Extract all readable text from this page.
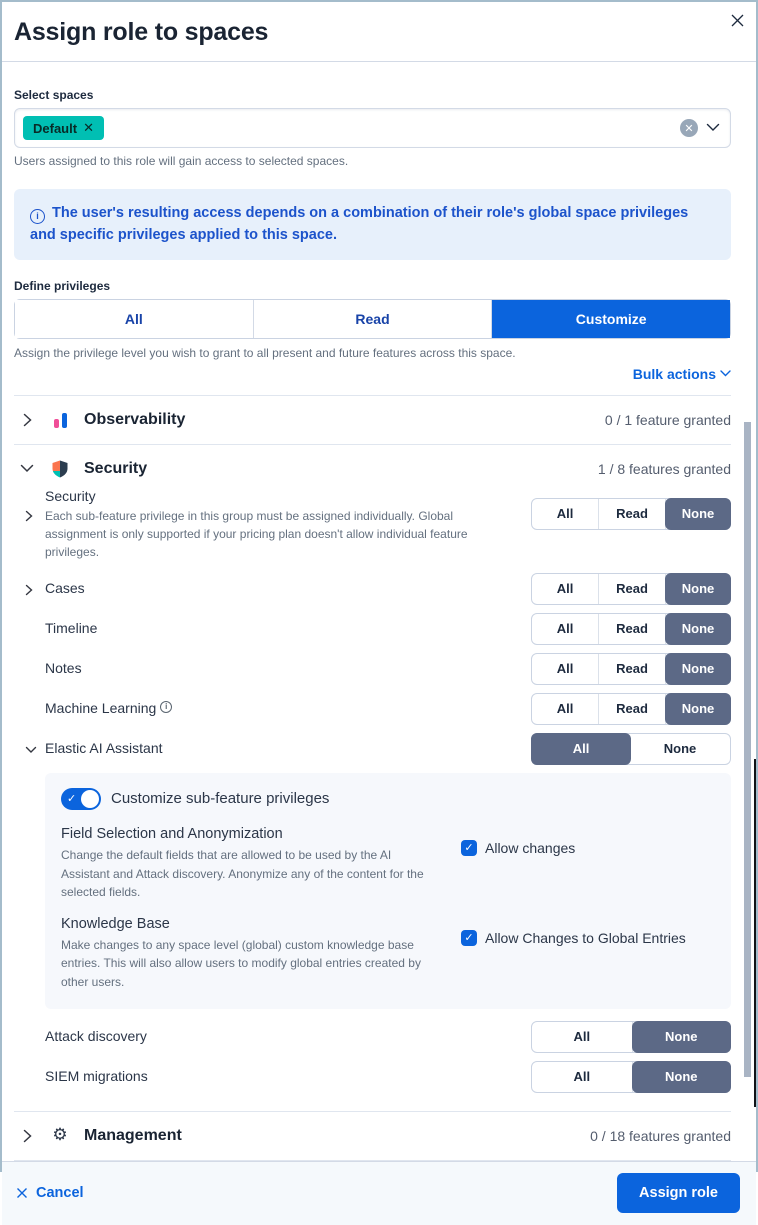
Assign role to spaces
Select spaces
Default ✕	✕
Users assigned to this role will gain access to selected spaces.
i The user's resulting access depends on a combination of their role's global space privileges and specific privileges applied to this space.
Define privileges
All	Read	Customize
Assign the privilege level you wish to grant to all present and future features across this space.
Bulk actions
Observability	0 / 1 feature granted
Security	1 / 8 features granted
Security
Each sub-feature privilege in this group must be assigned individually. Global assignment is only supported if your pricing plan doesn't allow individual feature privileges.
All	Read	None
Cases	All	Read	None
Timeline	All	Read	None
Notes	All	Read	None
Machine Learning i	All	Read	None
Elastic AI Assistant	All	None
✓ Customize sub-feature privileges
Field Selection and Anonymization
Change the default fields that are allowed to be used by the AI Assistant and Attack discovery. Anonymize any of the content for the selected fields.
✓ Allow changes
Knowledge Base
Make changes to any space level (global) custom knowledge base entries. This will also allow users to modify global entries created by other users.
✓ Allow Changes to Global Entries
Attack discovery	All	None
SIEM migrations	All	None
⚙ Management	0 / 18 features granted
Cancel	Assign role
